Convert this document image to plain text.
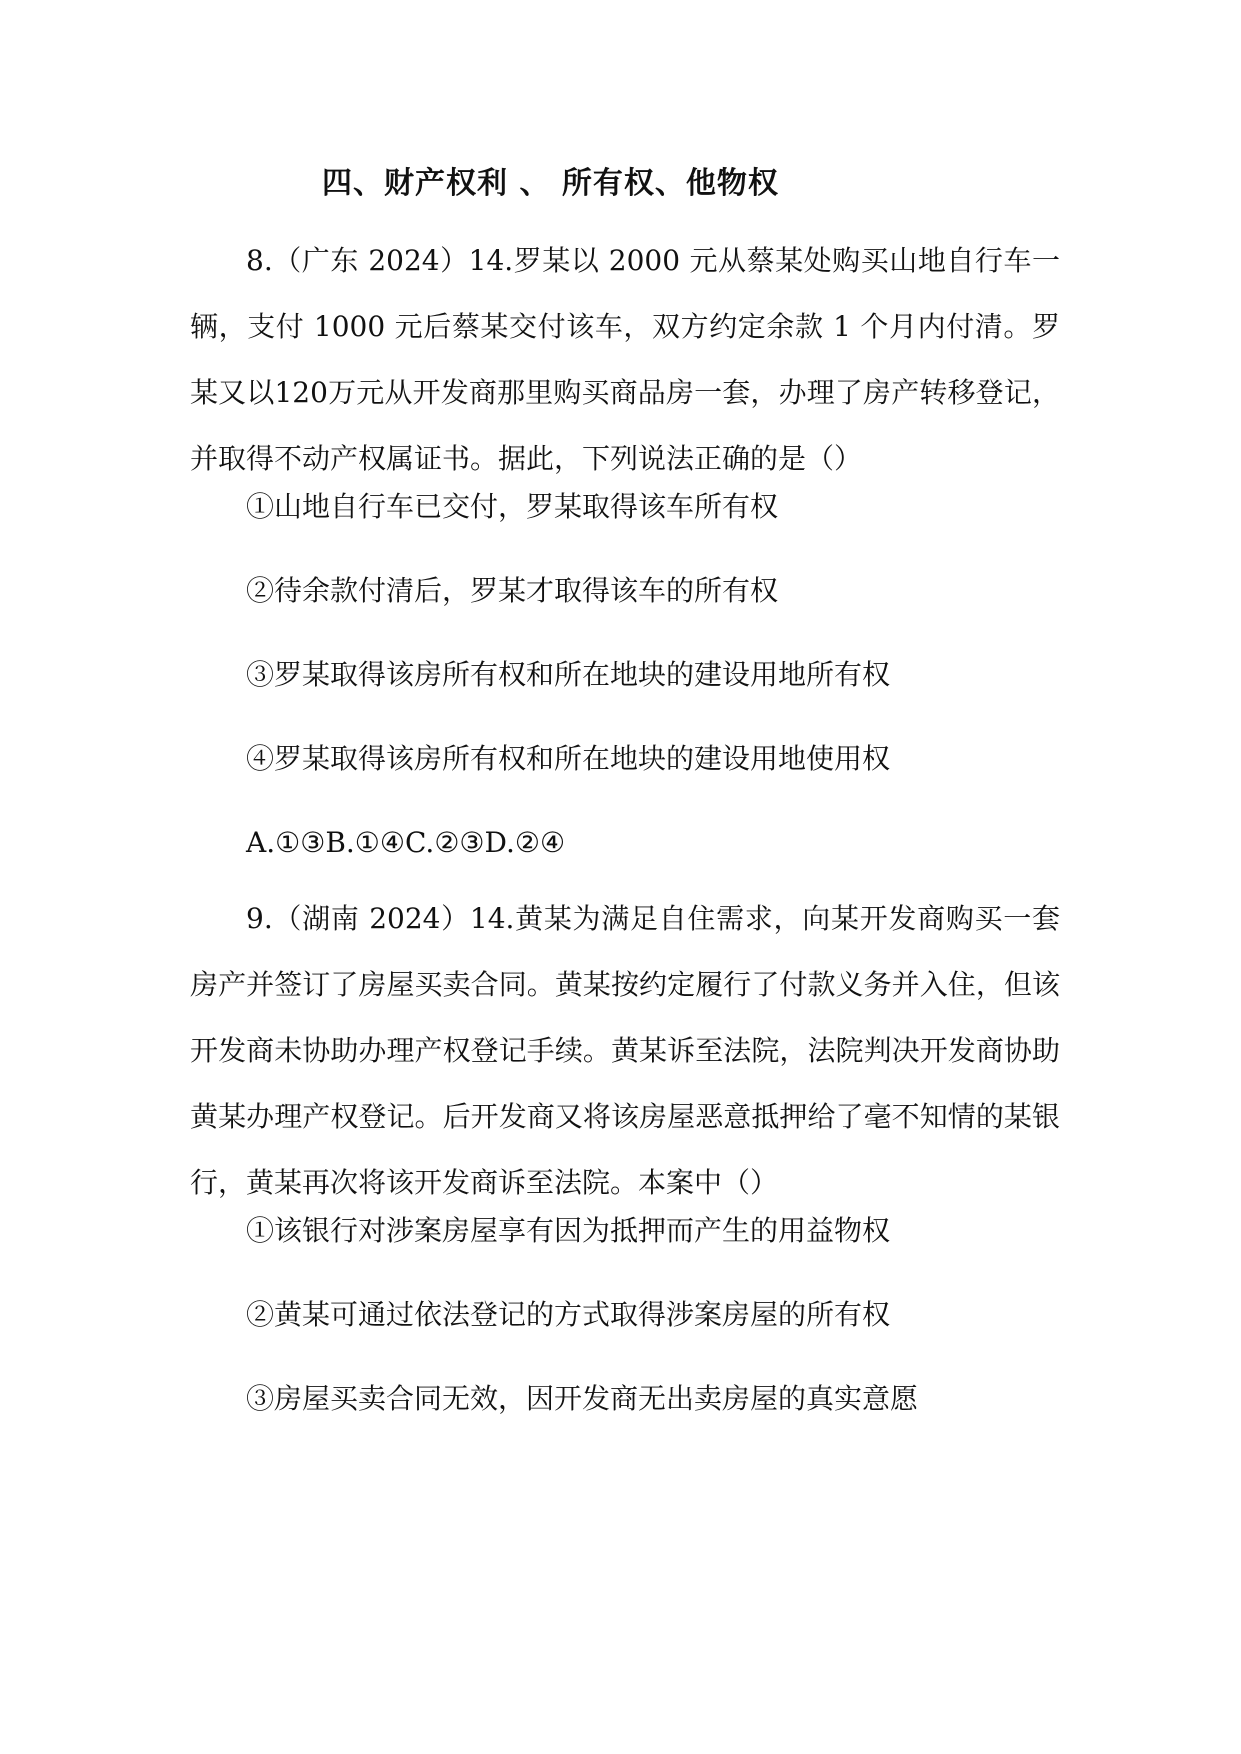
四、财产权利 、 所有权、他物权

8.（广东 2024）14.罗某以 2000 元从蔡某处购买山地自行车一辆，支付 1000 元后蔡某交付该车，双方约定余款 1 个月内付清。罗某又以120万元从开发商那里购买商品房一套，办理了房产转移登记，并取得不动产权属证书。据此，下列说法正确的是（）

①山地自行车已交付，罗某取得该车所有权

②待余款付清后，罗某才取得该车的所有权

③罗某取得该房所有权和所在地块的建设用地所有权

④罗某取得该房所有权和所在地块的建设用地使用权

A.①③B.①④C.②③D.②④

9.（湖南 2024）14.黄某为满足自住需求，向某开发商购买一套房产并签订了房屋买卖合同。黄某按约定履行了付款义务并入住，但该开发商未协助办理产权登记手续。黄某诉至法院，法院判决开发商协助黄某办理产权登记。后开发商又将该房屋恶意抵押给了毫不知情的某银行，黄某再次将该开发商诉至法院。本案中（）

①该银行对涉案房屋享有因为抵押而产生的用益物权

②黄某可通过依法登记的方式取得涉案房屋的所有权

③房屋买卖合同无效，因开发商无出卖房屋的真实意愿
